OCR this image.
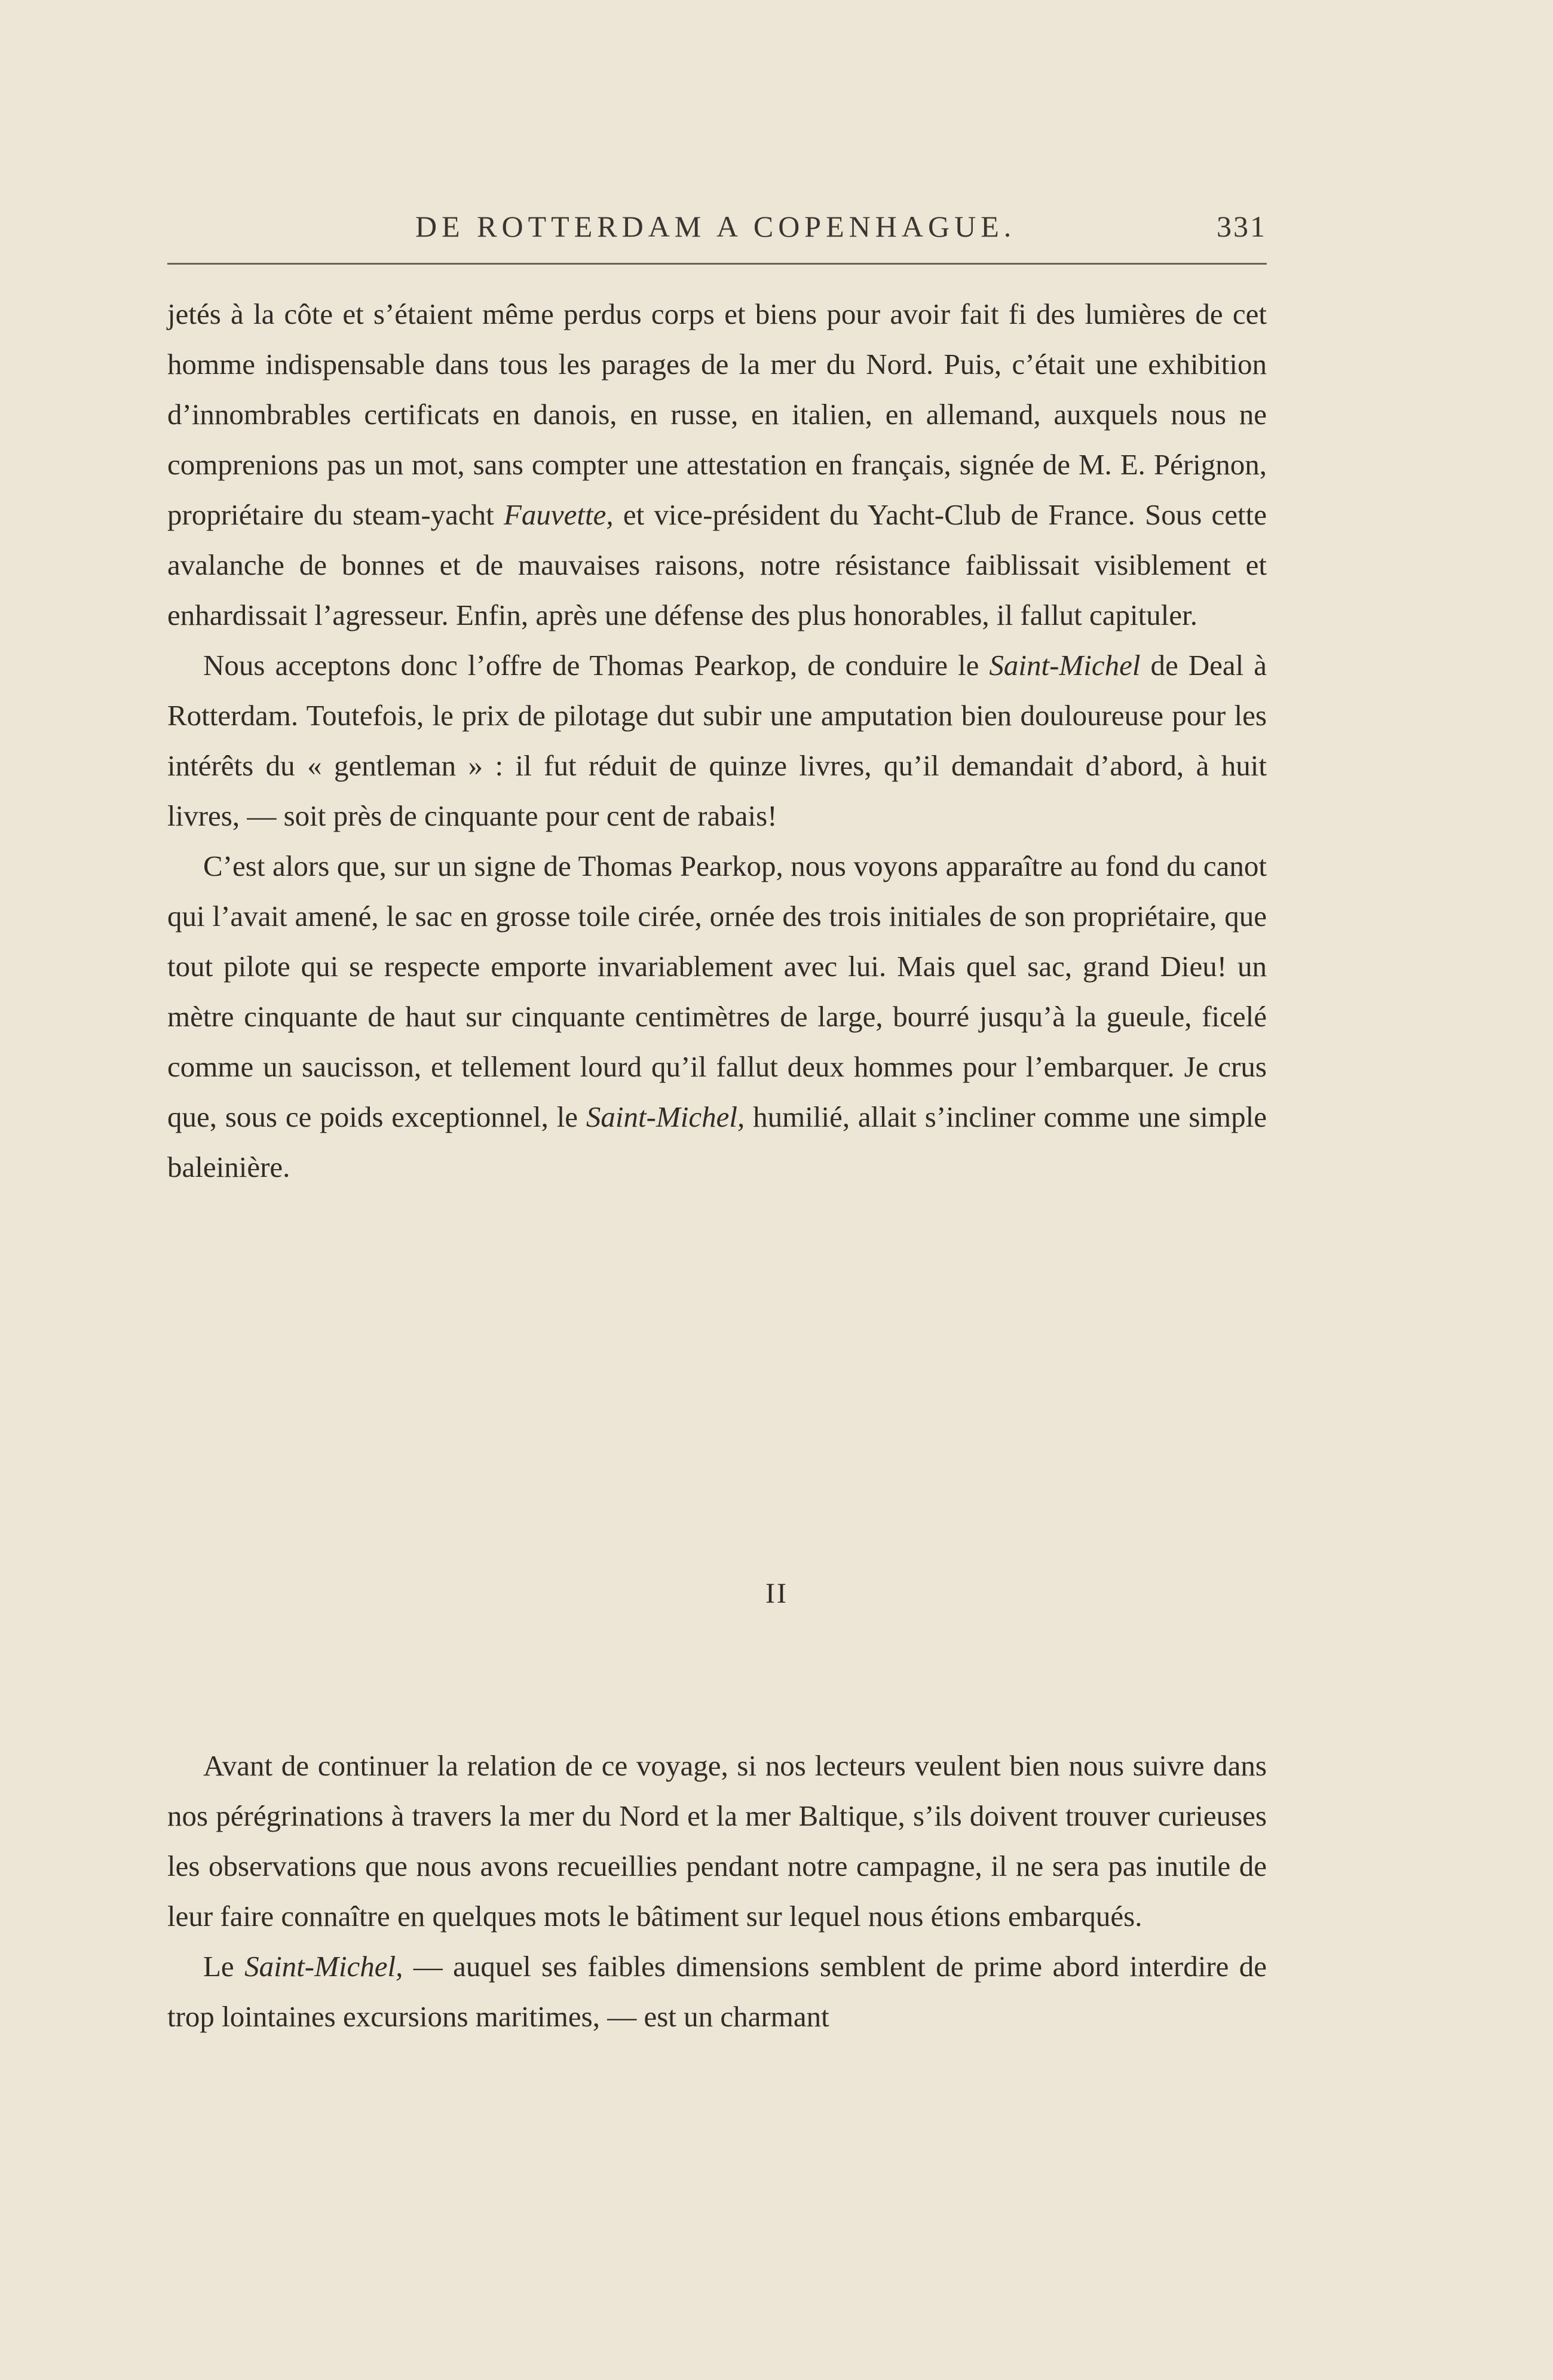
DE ROTTERDAM A COPENHAGUE.	331

jetés à la côte et s’étaient même perdus corps et biens pour avoir fait fi des lumières de cet homme indispensable dans tous les parages de la mer du Nord. Puis, c’était une exhibition d’innombrables certificats en danois, en russe, en italien, en allemand, auxquels nous ne comprenions pas un mot, sans compter une attestation en français, signée de M. E. Pérignon, propriétaire du steam-yacht Fauvette, et vice-président du Yacht-Club de France. Sous cette avalanche de bonnes et de mauvaises raisons, notre résistance faiblissait visiblement et enhardissait l’agresseur. Enfin, après une défense des plus honorables, il fallut capituler.

Nous acceptons donc l’offre de Thomas Pearkop, de conduire le Saint-Michel de Deal à Rotterdam. Toutefois, le prix de pilotage dut subir une amputation bien douloureuse pour les intérêts du « gentleman » : il fut réduit de quinze livres, qu’il demandait d’abord, à huit livres, — soit près de cinquante pour cent de rabais!

C’est alors que, sur un signe de Thomas Pearkop, nous voyons apparaître au fond du canot qui l’avait amené, le sac en grosse toile cirée, ornée des trois initiales de son propriétaire, que tout pilote qui se respecte emporte invariablement avec lui. Mais quel sac, grand Dieu! un mètre cinquante de haut sur cinquante centimètres de large, bourré jusqu’à la gueule, ficelé comme un saucisson, et tellement lourd qu’il fallut deux hommes pour l’embarquer. Je crus que, sous ce poids exceptionnel, le Saint-Michel, humilié, allait s’incliner comme une simple baleinière.

II

Avant de continuer la relation de ce voyage, si nos lecteurs veulent bien nous suivre dans nos pérégrinations à travers la mer du Nord et la mer Baltique, s’ils doivent trouver curieuses les observations que nous avons recueillies pendant notre campagne, il ne sera pas inutile de leur faire connaître en quelques mots le bâtiment sur lequel nous étions embarqués.

Le Saint-Michel, — auquel ses faibles dimensions semblent de prime abord interdire de trop lointaines excursions maritimes, — est un charmant
